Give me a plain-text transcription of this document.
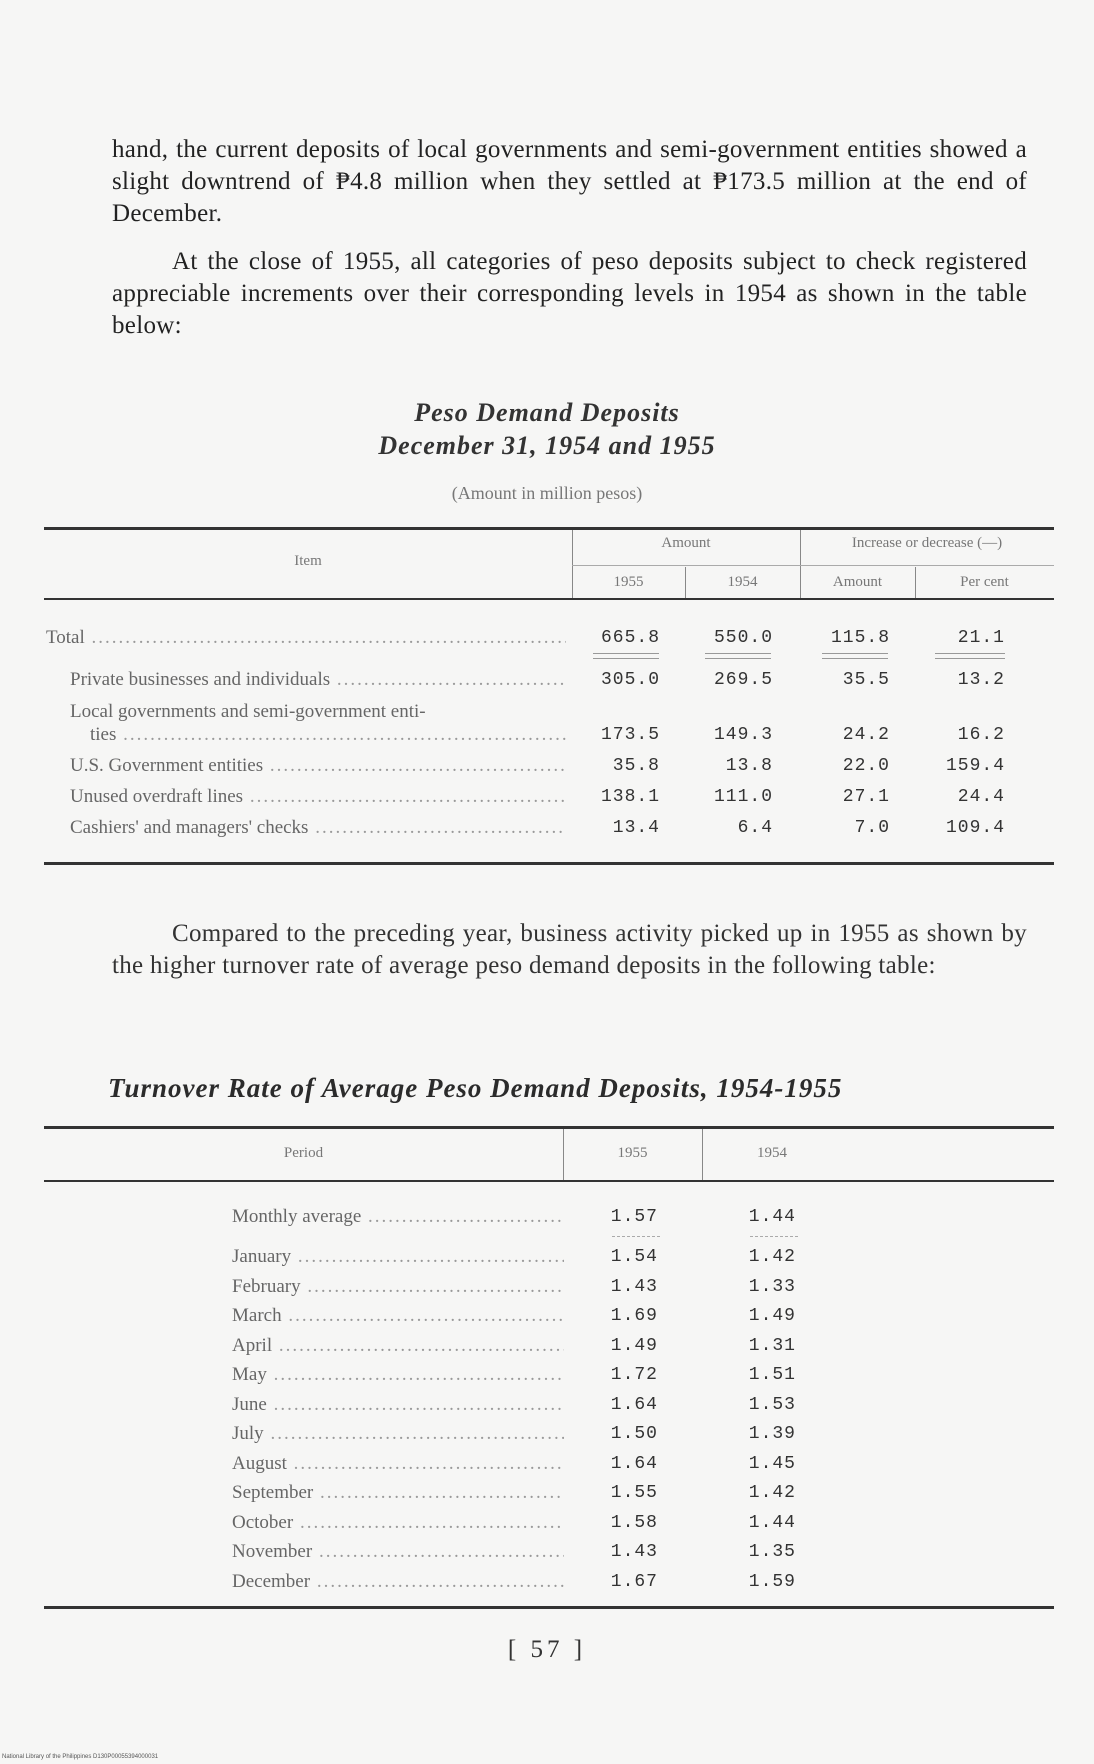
hand, the current deposits of local governments and semi-government entities showed a slight downtrend of ₱4.8 million when they settled at ₱173.5 million at the end of December.

At the close of 1955, all categories of peso deposits subject to check registered appreciable increments over their corresponding levels in 1954 as shown in the table below:

Peso Demand Deposits
December 31, 1954 and 1955
(Amount in million pesos)
Item
Amount	Increase or decrease (—)
1955	1954	Amount	Per cent
Total .....	665.8	550.0	115.8	21.1
Private businesses and individuals .....	305.0	269.5	35.5	13.2
Local governments and semi-government enti-
ties .....	173.5	149.3	24.2	16.2
U.S. Government entities .....	35.8	13.8	22.0	159.4
Unused overdraft lines .....	138.1	111.0	27.1	24.4
Cashiers' and managers' checks .....	13.4	6.4	7.0	109.4

Compared to the preceding year, business activity picked up in 1955 as shown by the higher turnover rate of average peso demand deposits in the following table:

Turnover Rate of Average Peso Demand Deposits, 1954-1955
Period	1955	1954
Monthly average .....	1.57	1.44
January .....	1.54	1.42
February .....	1.43	1.33
March .....	1.69	1.49
April .....	1.49	1.31
May .....	1.72	1.51
June .....	1.64	1.53
July .....	1.50	1.39
August .....	1.64	1.45
September .....	1.55	1.42
October .....	1.58	1.44
November .....	1.43	1.35
December .....	1.67	1.59
[ 57 ]
National Library of the Philippines D130P00055394000031
